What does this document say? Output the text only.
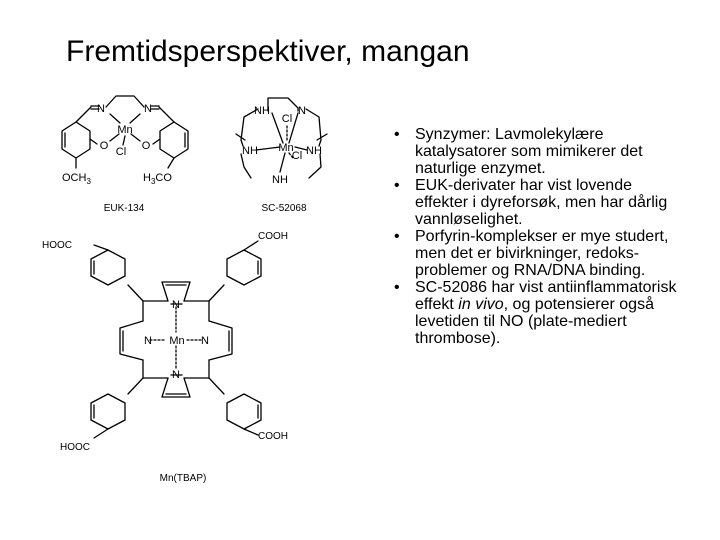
Fremtidsperspektiver, mangan
N	N
Mn
O	O
Cl
$OCH_3$	$H_3CO$
EUK-134
NH	N
Cl
Mn
NH	NH
Cl
NH
SC-52068
N
N Mn N
N
HOOC
COOH
HOOC
COOH
Mn(TBAP)
• Synzymer: Lavmolekylære katalysatorer som mimikerer det naturlige enzymet.
• EUK-derivater har vist lovende effekter i dyreforsøk, men har dårlig vannløselighet.
• Porfyrin-komplekser er mye studert, men det er bivirkninger, redoks-problemer og RNA/DNA binding.
• SC-52086 har vist antiinflammatorisk effekt in vivo, og potensierer også levetiden til NO (plate-mediert thrombose).
